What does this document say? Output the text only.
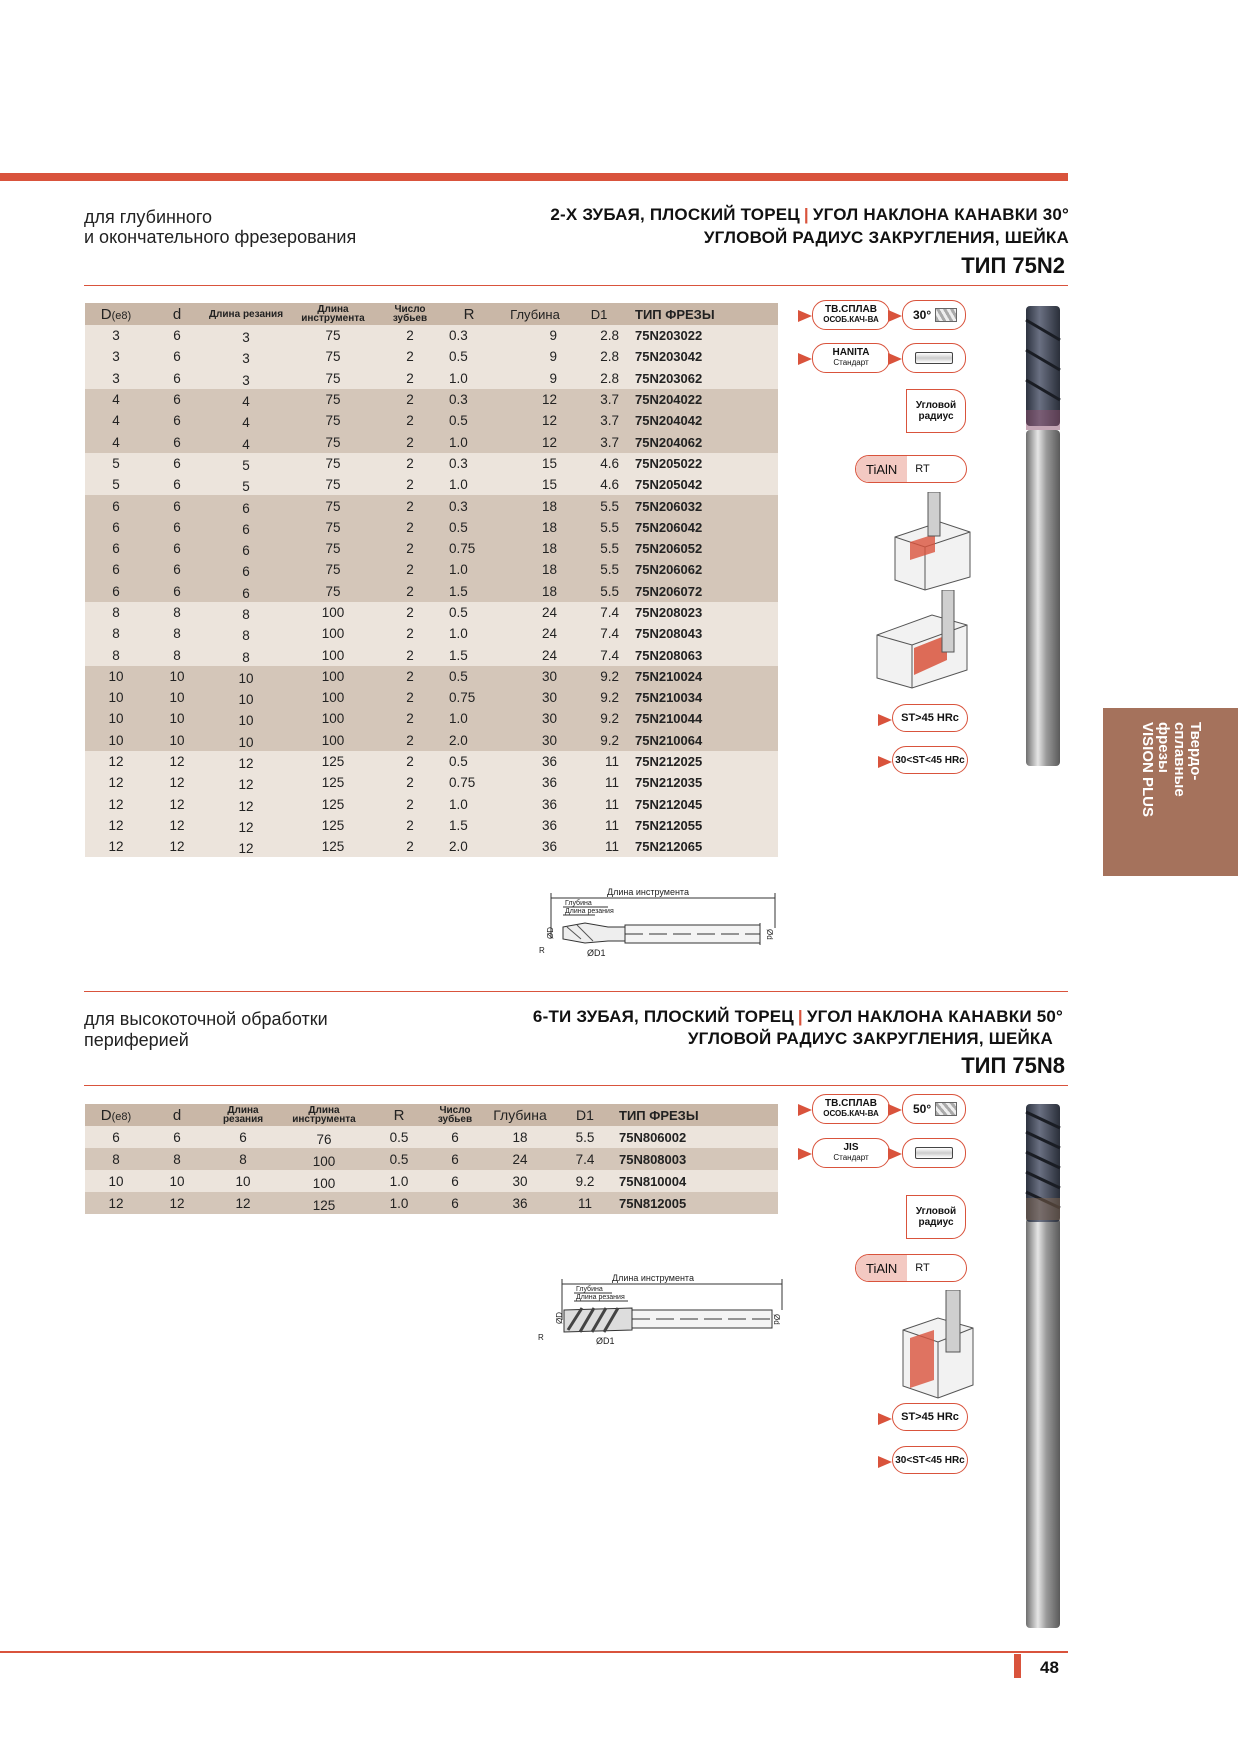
для глубинного
и окончательного фрезерования
2-Х ЗУБАЯ, ПЛОСКИЙ ТОРЕЦ | УГОЛ НАКЛОНА КАНАВКИ 30°
УГЛОВОЙ РАДИУС ЗАКРУГЛЕНИЯ, ШЕЙКА
ТИП 75N2
D(e8)	d	Длина резания	Длина инструмента	Число зубьев	R	Глубина	D1	ТИП ФРЕЗЫ
3	6	3	75	2	0.3	9	2.8	75N203022
3	6	3	75	2	0.5	9	2.8	75N203042
3	6	3	75	2	1.0	9	2.8	75N203062
4	6	4	75	2	0.3	12	3.7	75N204022
4	6	4	75	2	0.5	12	3.7	75N204042
4	6	4	75	2	1.0	12	3.7	75N204062
5	6	5	75	2	0.3	15	4.6	75N205022
5	6	5	75	2	1.0	15	4.6	75N205042
6	6	6	75	2	0.3	18	5.5	75N206032
6	6	6	75	2	0.5	18	5.5	75N206042
6	6	6	75	2	0.75	18	5.5	75N206052
6	6	6	75	2	1.0	18	5.5	75N206062
6	6	6	75	2	1.5	18	5.5	75N206072
8	8	8	100	2	0.5	24	7.4	75N208023
8	8	8	100	2	1.0	24	7.4	75N208043
8	8	8	100	2	1.5	24	7.4	75N208063
10	10	10	100	2	0.5	30	9.2	75N210024
10	10	10	100	2	0.75	30	9.2	75N210034
10	10	10	100	2	1.0	30	9.2	75N210044
10	10	10	100	2	2.0	30	9.2	75N210064
12	12	12	125	2	0.5	36	11	75N212025
12	12	12	125	2	0.75	36	11	75N212035
12	12	12	125	2	1.0	36	11	75N212045
12	12	12	125	2	1.5	36	11	75N212055
12	12	12	125	2	2.0	36	11	75N212065
Длина инструмента
Глубина
Длина резания
ØD
R	ØD1
Ød
ТВ.СПЛАВ
ОСОБ.КАЧ-ВА	30°
HANITA
Стандарт
Угловой
радиус
TiAlN	RT
ST>45 HRc
30<ST<45 HRc
для высокоточной обработки
периферией
6-ТИ ЗУБАЯ, ПЛОСКИЙ ТОРЕЦ | УГОЛ НАКЛОНА КАНАВКИ 50°
УГЛОВОЙ РАДИУС ЗАКРУГЛЕНИЯ, ШЕЙКА
ТИП 75N8
D(e8)	d	Длина резания	Длина инструмента	R	Число зубьев	Глубина	D1	ТИП ФРЕЗЫ
6	6	6	76	0.5	6	18	5.5	75N806002
8	8	8	100	0.5	6	24	7.4	75N808003
10	10	10	100	1.0	6	30	9.2	75N810004
12	12	12	125	1.0	6	36	11	75N812005
Длина инструмента
Глубина
Длина резания
ØD
R	ØD1
Ød
ТВ.СПЛАВ
ОСОБ.КАЧ-ВА	50°
JIS
Стандарт
Угловой
радиус
TiAlN	RT
ST>45 HRc
30<ST<45 HRc
Твердо-
сплавные
фрезы
VISION PLUS
48
